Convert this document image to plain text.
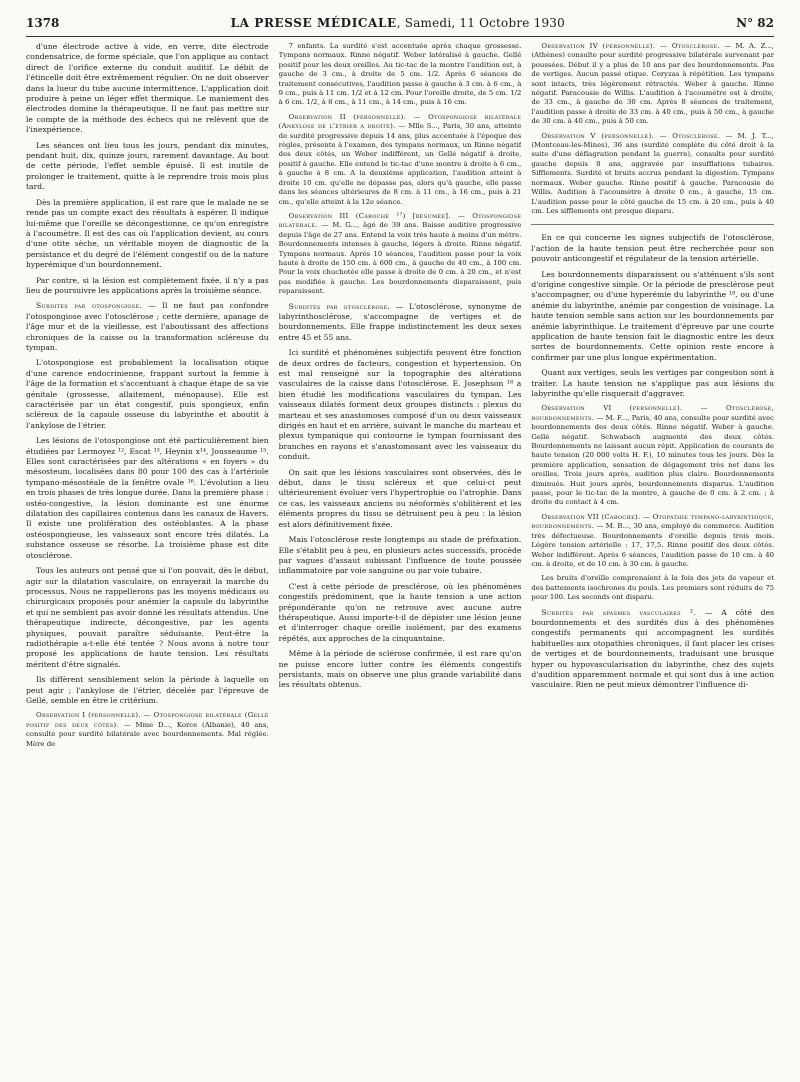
1378	LA PRESSE MÉDICALE, Samedi, 11 Octobre 1930	N° 82

d'une électrode active à vide, en verre, dite électrode condensatrice, de forme spéciale, que l'on applique au contact direct de l'orifice externe du conduit auditif. Le débit de l'étincelle doit être extrêmement régulier. On ne doit observer dans la lueur du tube aucune intermittence. L'application doit produire à peine un léger effet thermique. Le maniement des électrodes domine la thérapeutique. Il ne faut pas mettre sur le compte de la méthode des échecs qui ne relèvent que de l'inexpérience.

Les séances ont lieu tous les jours, pendant dix minutes, pendant huit, dix, quinze jours, rarement davantage. Au bout de cette période, l'effet semble épuisé. Il est inutile de prolonger le traitement, quitte à le reprendre trois mois plus tard.

Dès la première application, il est rare que le malade ne se rende pas un compte exact des résultats à espérer. Il indique lui-même que l'oreille se décongestionne, ce qu'on enregistre à l'acoumètre. Il est des cas où l'application devient, au cours d'une otite sèche, un véritable moyen de diagnostic de la persistance et du degré de l'élément congestif ou de la nature hyperémique d'un bourdonnement.

Par contre, si la lésion est complètement fixée, il n'y a pas lieu de poursuivre les applications après la troisième séance.

Surdités par otospongiose. — Il ne faut pas confondre l'otospongiose avec l'otosclérose ; cette dernière, apanage de l'âge mur et de la vieillesse, est l'aboutissant des affections chroniques de la caisse ou la transformation scléreuse du tympan.

L'otospongiose est probablement la localisation otique d'une carence endocrinienne, frappant surtout la femme à l'âge de la formation et s'accentuant à chaque étape de sa vie génitale (grossesse, allaitement, ménopause). Elle est caractérisée par un état congestif, puis spongieux, enfin scléreux de la capsule osseuse du labyrinthe et aboutit à l'ankylose de l'étrier.

Les lésions de l'otospongiose ont été particulièrement bien étudiées par Lermoyez ¹², Escat ¹³, Heynin x¹⁴, Jousseaume ¹⁵. Elles sont caractérisées par des altérations « en foyers » du mésosteum, localisées dans 80 pour 100 des cas à l'artériole tympano-mésostéale de la fenêtre ovale ¹⁶. L'évolution a lieu en trois phases de très longue durée. Dans la première phase : ostéo-congestive, la lésion dominante est une énorme dilatation des capillaires contenus dans les canaux de Havers. Il existe une prolifération des ostéoblastes. A la phase ostéospongieuse, les vaisseaux sont encore très dilatés. La substance osseuse se résorbe. La troisième phase est dite otosclérose.

Tous les auteurs ont pensé que si l'on pouvait, dès le début, agir sur la dilatation vasculaire, on enrayerait la marche du processus. Nous ne rappellerons pas les moyens médicaux ou chirurgicaux proposés pour anémier la capsule du labyrinthe et qui ne semblent pas avoir donné les résultats attendus. Une thérapeutique indirecte, décongestive, par les agents physiques, pouvait paraître séduisante. Peut-être la radiothérapie a-t-elle été tentée ? Nous avons à notre tour proposé les applications de haute tension. Les résultats méritent d'être signalés.

Ils diffèrent sensiblement selon la période à laquelle on peut agir ; l'ankylose de l'étrier, décelée par l'épreuve de Gellé, semble en être le critérium.

Observation I (personnelle). — Otospongiose bilatérale (Gellé positif des deux côtés). — Mme D..., Korce (Albanie), 40 ans, consulte pour surdité bilatérale avec bourdonnements. Mal réglée. Mère de

7 enfants. La surdité s'est accentuée après chaque grossesse. Tympans normaux. Rinne négatif. Weber latéralisé à gauche. Gellé positif pour les deux oreilles. Au tic-tac de la montre l'audition est, à gauche de 3 cm., à droite de 5 cm. 1/2. Après 6 séances de traitement consécutives, l'audition passe à gauche à 3 cm. à 6 cm., à 9 cm., puis à 11 cm. 1/2 et à 12 cm. Pour l'oreille droite, de 5 cm. 1/2 à 6 cm. 1/2, à 8 cm., à 11 cm., à 14 cm., puis à 16 cm.

Observation II (personnelle). — Otospongiose bilatérale (Ankylose de l'étrier à droite). — Mlle S..., Paris, 30 ans, atteinte de surdité progressive depuis 14 ans, plus accentuée à l'époque des règles, présente à l'examen, des tympans normaux, un Rinne négatif des deux côtés, un Weber indifférent, un Gellé négatif à droite, positif à gauche. Elle entend le tic-tac d'une montre à droite à 6 cm., à gauche à 8 cm. A la deuxième application, l'audition atteint à droite 10 cm. qu'elle ne dépasse pas, alors qu'à gauche, elle passe dans les séances ultérieures de 8 cm. à 11 cm., à 16 cm., puis à 21 cm., qu'elle atteint à la 12e séance.

Observation III (Caboche ¹⁷) [résumée]. — Otospongiose bilatérale. — M. G..., âgé de 39 ans. Baisse auditive progressive depuis l'âge de 27 ans. Entend la voix très haute à moins d'un mètre. Bourdonnements intenses à gauche, légers à droite. Rinne négatif. Tympans normaux. Après 10 séances, l'audition passe pour la voix haute à droite de 150 cm. à 600 cm., à gauche de 40 cm., à 100 cm. Pour la voix chuchotée elle passe à droite de 0 cm. à 20 cm., et n'est pas modifiée à gauche. Les bourdonnements disparaissent, puis reparaissent.

Surdités par otosclérose. — L'otosclérose, synonyme de labyrinthosclérose, s'accompagne de vertiges et de bourdonnements. Elle frappe indistinctement les deux sexes entre 45 et 55 ans.

Ici surdité et phénomènes subjectifs peuvent être fonction de deux ordres de facteurs, congestion et hypertension. On est mal renseigné sur la topographie des altérations vasculaires de la caisse dans l'otosclérose. E. Josephson ¹⁸ a bien étudié les modifications vasculaires du tympan. Les vaisseaux dilatés forment deux groupes distincts : plexus du marteau et ses anastomoses composé d'un ou deux vaisseaux dirigés en haut et en arrière, suivant le manche du marteau et plexus tympanique qui contourne le tympan fournissant des branches en rayons et s'anastomosant avec les vaisseaux du conduit.

On sait que les lésions vasculaires sont observées, dès le début, dans le tissu scléreux et que celui-ci peut ultérieurement évoluer vers l'hypertrophie ou l'atrophie. Dans ce cas, les vaisseaux anciens ou néoformés s'oblitèrent et les éléments propres du tissu se détruisent peu à peu : la lésion est alors définitivement fixée.

Mais l'otosclérose reste longtemps au stade de préfixation. Elle s'établit peu à peu, en plusieurs actes successifs, procède par vagues d'assaut subissant l'influence de toute poussée inflammatoire par voie sanguine ou par voie tubaire.

C'est à cette période de presclérose, où les phénomènes congestifs prédominent, que la haute tension a une action prépondérante qu'on ne retrouve avec aucune autre thérapeutique. Aussi importe-t-il de dépister une lésion jeune et d'interroger chaque oreille isolément, par des examens répétés, aux approches de la cinquantaine.

Même à la période de sclérose confirmée, il est rare qu'on ne puisse encore lutter contre les éléments congestifs persistants, mais on observe une plus grande variabilité dans les résultats obtenus.

Observation IV (personnelle). — Otosclérose. — M. A. Z..., (Athènes) consulte pour surdité progressive bilatérale survenant par poussées. Début il y a plus de 10 ans par des bourdonnements. Pas de vertiges. Aucun passé otique. Coryzas à répétition. Les tympans sont intacts, très légèrement rétractés. Weber à gauche. Rinne négatif. Paracousie de Willis. L'audition à l'acoumètre est à droite, de 33 cm., à gauche de 30 cm. Après 8 séances de traitement, l'audition passe à droite de 33 cm. à 40 cm., puis à 50 cm., à gauche de 30 cm. à 40 cm., puis à 50 cm.

Observation V (personnelle). — Otosclérose. — M. J. T..., (Montceau-les-Mines), 36 ans (surdité complète du côté droit à la suite d'une déflagration pendant la guerre), consulte pour surdité gauche depuis 8 ans, aggravée par insufflations tubaires. Sifflements. Surdité et bruits accrus pendant la digestion. Tympans normaux. Weber gauche. Rinne positif à gauche. Paracousie de Willis. Audition à l'acoumètre à droite 0 cm., à gauche, 15 cm. L'audition passe pour le côté gauche de 15 cm. à 20 cm., puis à 40 cm. Les sifflements ont presque disparu.

En ce qui concerne les signes subjectifs de l'otosclérose, l'action de la haute tension peut être recherchée pour son pouvoir anticongestif et régulateur de la tension artérielle.

Les bourdonnements disparaissent ou s'atténuent s'ils sont d'origine congestive simple. Or la période de presclérose peut s'accompagner, ou d'une hyperémie du labyrinthe ¹⁹, ou d'une anémie du labyrinthe, anémie par congestion de voisinage. La haute tension semble sans action sur les bourdonnements par anémie labyrinthique. Le traitement d'épreuve par une courte application de haute tension fait le diagnostic entre les deux sortes de bourdonnements. Cette opinion reste encore à confirmer par une plus longue expérimentation.

Quant aux vertiges, seuls les vertiges par congestion sont à traiter. La haute tension ne s'applique pas aux lésions du labyrinthe qu'elle risquerait d'aggraver.

Observation VI (personnelle). — Otosclérose, bourdonnements. — M. F..., Paris, 40 ans, consulte pour surdité avec bourdonnements des deux côtés. Rinne négatif. Weber à gauche. Gellé négatif. Schwabach augmenté des deux côtés. Bourdonnements ne laissant aucun répit. Application de courants de haute tension (20 000 volts H. F.), 10 minutes tous les jours. Dès la première application, sensation de dégagement très net dans les oreilles. Trois jours après, audition plus claire. Bourdonnements diminués. Huit jours après, bourdonnements disparus. L'audition passe, pour le tic-tac de la montre, à gauche de 0 cm. à 2 cm. ; à droite du contact à 4 cm.

Observation VII (Caboche). — Otopathie tympano-labyrinthique, bourdonnements. — M. B..., 30 ans, employé de commerce. Audition très défectueuse. Bourdonnements d'oreille depuis trois mois. Légère tension artérielle : 17, 17,5. Rinne positif des deux côtés. Weber indifférent. Après 6 séances, l'audition passe de 10 cm. à 40 cm. à droite, et de 10 cm. à 30 cm. à gauche.

Les bruits d'oreille comprenaient à la fois des jets de vapeur et des battements isochrones du pouls. Les premiers sont réduits de 75 pour 100. Les seconds ont disparu.

Surdités par spasmes vasculaires ². — A côté des bourdonnements et des surdités dus à des phénomènes congestifs permanents qui accompagnent les surdités habituelles aux otopathies chroniques, il faut placer les crises de vertiges et de bourdonnements, traduisant une brusque hyper ou hypovascularisation du labyrinthe, chez des sujets d'audition apparemment normale et qui sont dus à une action vasculaire. Rien ne peut mieux démontrer l'influence di-
